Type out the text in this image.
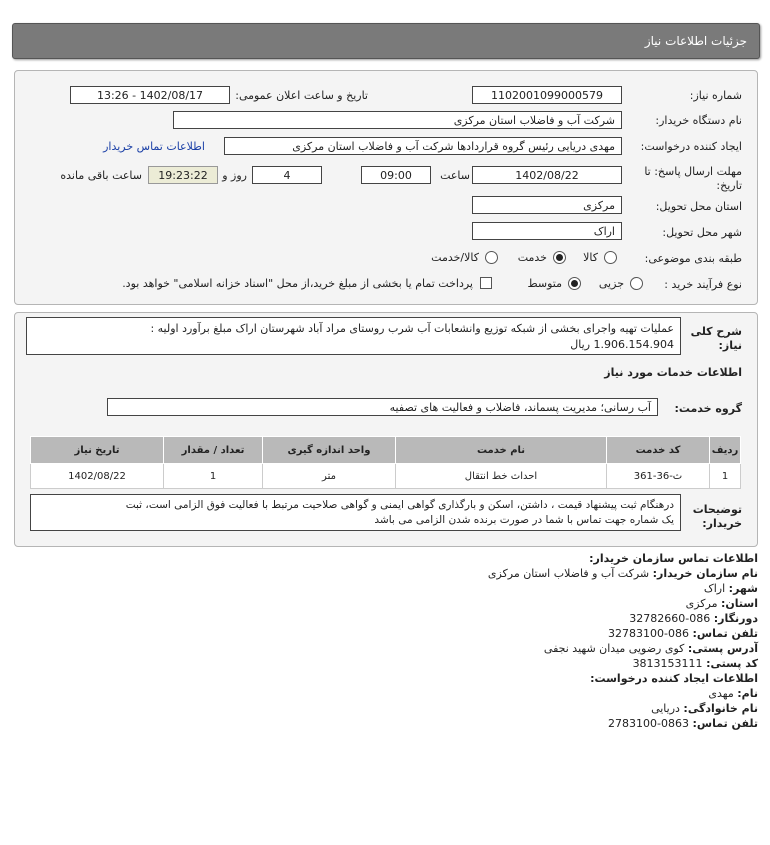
جزئیات اطلاعات نیاز
شماره نیاز:
1102001099000579
تاریخ و ساعت اعلان عمومی:
1402/08/17 - 13:26
نام دستگاه خریدار:
شرکت آب و فاضلاب استان مرکزی
ایجاد کننده درخواست:
مهدی دریایی رئیس گروه قراردادها شرکت آب و فاضلاب استان مرکزی
اطلاعات تماس خریدار
مهلت ارسال پاسخ: تا
تاریخ:
1402/08/22
ساعت
09:00
4
روز و
19:23:22
ساعت باقی مانده
استان محل تحویل:
مرکزی
شهر محل تحویل:
اراک
طبقه بندی موضوعی:
کالا
خدمت
کالا/خدمت
نوع فرآیند خرید :
جزیی
متوسط
پرداخت تمام یا بخشی از مبلغ خرید،از محل "اسناد خزانه اسلامی" خواهد بود.
شرح کلی
نیاز:
عملیات تهیه واجرای بخشی از شبکه توزیع وانشعابات آب شرب روستای مراد آباد شهرستان اراک مبلغ برآورد اولیه :
1.906.154.904 ریال
اطلاعات خدمات مورد نیاز
گروه خدمت:
آب رسانی؛ مدیریت پسماند، فاضلاب و فعالیت های تصفیه
ردیف	کد خدمت	نام خدمت	واحد اندازه گیری	تعداد / مقدار	تاریخ نیاز
1	ث-36-361	احداث خط انتقال	متر	1	1402/08/22
توضیحات
خریدار:
درهنگام ثبت پیشنهاد قیمت ، داشتن، اسکن و بارگذاری گواهی ایمنی و گواهی صلاحیت مرتبط با فعالیت فوق الزامی است، ثبت
یک شماره جهت تماس با شما در صورت برنده شدن الزامی می باشد
اطلاعات تماس سازمان خریدار:
نام سازمان خریدار: شرکت آب و فاضلاب استان مرکزی
شهر: اراک
استان: مرکزی
دورنگار: 086-32782660
تلفن تماس: 086-32783100
آدرس پستی: کوی رضویی میدان شهید نجفی
کد پستی: 3813153111
اطلاعات ایجاد کننده درخواست:
نام: مهدی
نام خانوادگی: دریایی
تلفن تماس: 0863-2783100
